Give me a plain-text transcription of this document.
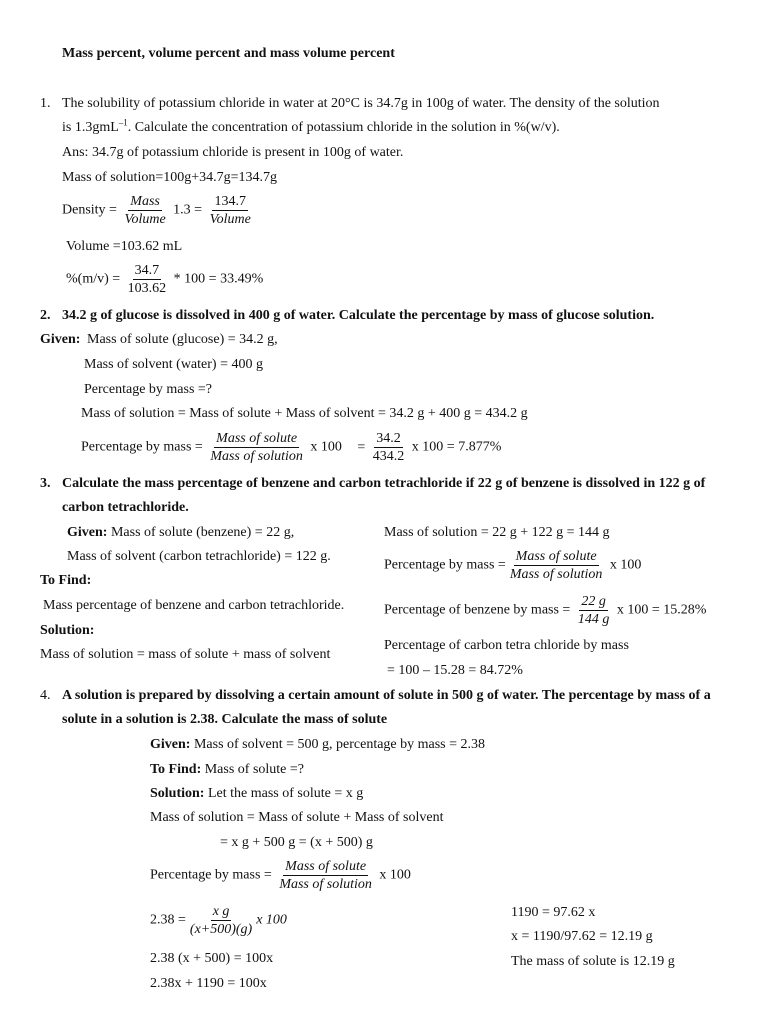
Mass percent, volume percent and mass volume percent
1. The solubility of potassium chloride in water at 20°C is 34.7g in 100g of water. The density of the solution
is 1.3gmL$^{-1}$. Calculate the concentration of potassium chloride in the solution in %(w/v).
Ans: 34.7g of potassium chloride is present in 100g of water.
Mass of solution=100g+34.7g=134.7g
Density = $\frac{\text{Mass}}{\text{Volume}} 1.3 = \frac{134.7}{\text{Volume}}$
Volume =103.62 mL
$\%(m/v) = \frac{34.7}{103.62} * 100 = 33.49\%$
2. 34.2 g of glucose is dissolved in 400 g of water. Calculate the percentage by mass of glucose solution.
Given: Mass of solute (glucose) = 34.2 g,
Mass of solvent (water) = 400 g
Percentage by mass =?
Mass of solution = Mass of solute + Mass of solvent = 34.2 g + 400 g = 434.2 g
Percentage by mass = $\frac{\text{Mass of solute}}{\text{Mass of solution}}$ x $100 = \frac{34.2}{434.2}$ x 100 = 7.877%
3. Calculate the mass percentage of benzene and carbon tetrachloride if 22 g of benzene is dissolved in 122 g of
carbon tetrachloride.
Given: Mass of solute (benzene) = 22 g,
Mass of solvent (carbon tetrachloride) = 122 g.
To Find:
Mass percentage of benzene and carbon tetrachloride.
Solution:
Mass of solution = mass of solute + mass of solvent
Mass of solution = 22 g + 122 g = 144 g
Percentage by mass = $\frac{\text{Mass of solute}}{\text{Mass of solution}}$ x 100
Percentage of benzene by mass = $\frac{22 g}{144 g}$ x 100 = 15.28%
Percentage of carbon tetra chloride by mass
= 100 – 15.28 = 84.72%
4. A solution is prepared by dissolving a certain amount of solute in 500 g of water. The percentage by mass of a
solute in a solution is 2.38. Calculate the mass of solute
Given: Mass of solvent = 500 g, percentage by mass = 2.38
To Find: Mass of solute =?
Solution: Let the mass of solute = x g
Mass of solution = Mass of solute + Mass of solvent
= x g + 500 g = (x + 500) g
Percentage by mass = $\frac{\text{Mass of solute}}{\text{Mass of solution}}$ x 100
$2.38 = \frac{\text{x g}}{(x+500)(g)}$ x 100
2.38 (x + 500) = 100x
2.38x + 1190 = 100x
1190 = 97.62 x
x = 1190/97.62 = 12.19 g
The mass of solute is 12.19 g
